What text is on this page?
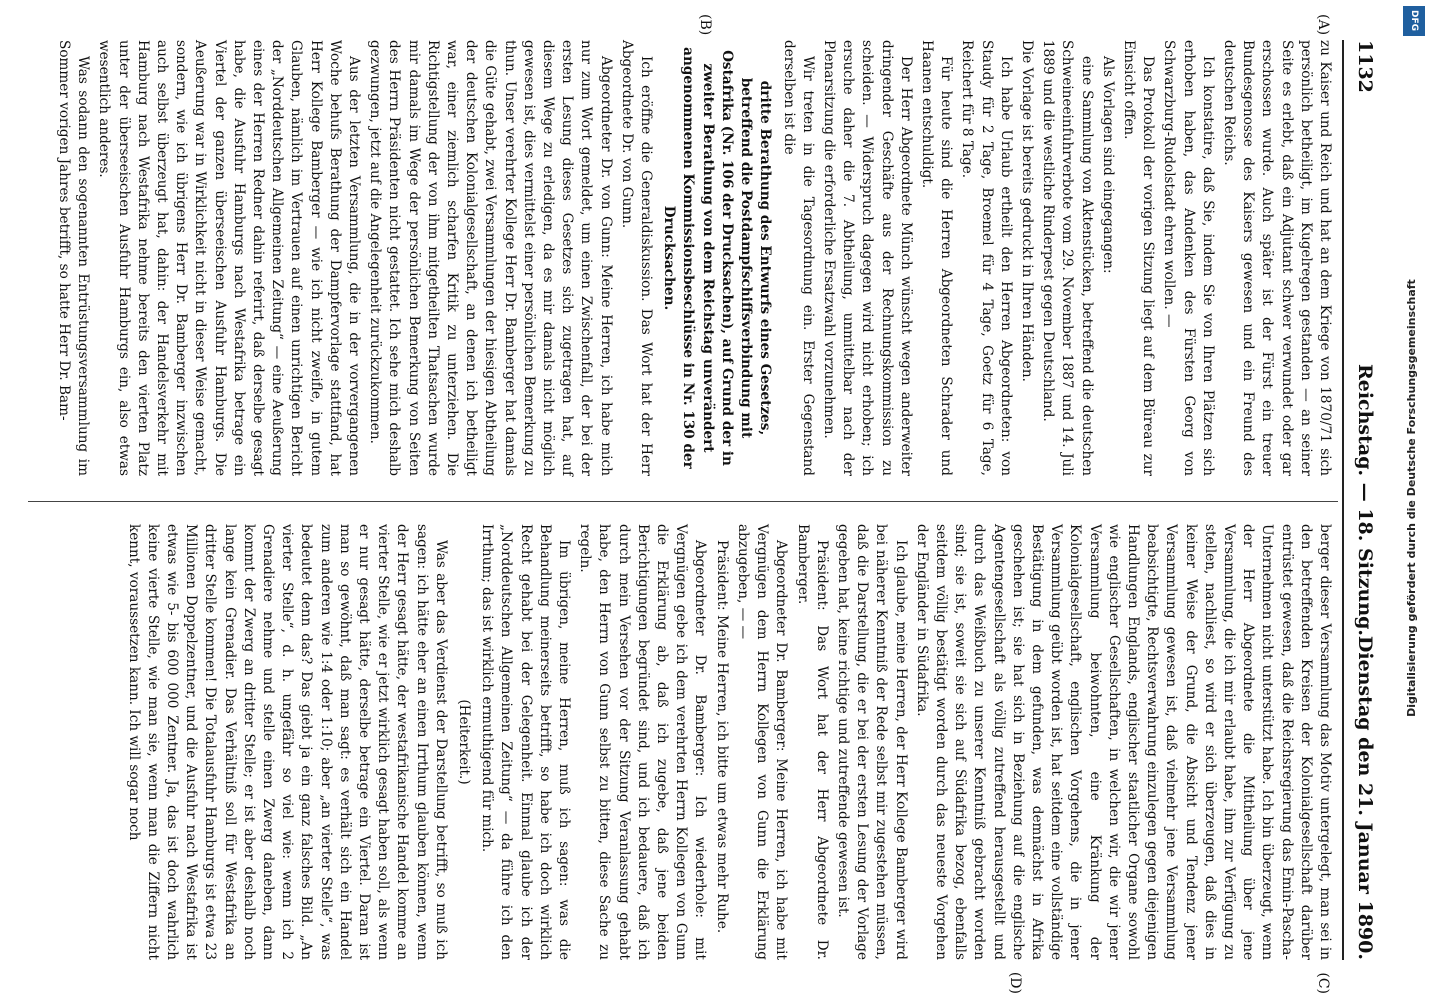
1132
Reichstag. — 18. Sitzung.
Dienstag den 21. Januar 1890.
(A)
(B)

zu Kaiser und Reich und hat an dem Kriege von 1870/71 sich persönlich betheiligt, im Kugelregen gestanden — an seiner Seite es erlebt, daß ein Adjutant schwer verwundet oder gar erschossen wurde. Auch später ist der Fürst ein treuer Bundesgenosse des Kaisers gewesen und ein Freund des deutschen Reichs.

Ich konstatire, daß Sie, indem Sie von Ihren Plätzen sich erhoben haben, das Andenken des Fürsten Georg von Schwarzburg-Rudolstadt ehren wollen. —

Das Protokoll der vorigen Sitzung liegt auf dem Büreau zur Einsicht offen.

Als Vorlagen sind eingegangen:

eine Sammlung von Aktenstücken, betreffend die deutschen Schweineeinfuhrverbote vom 29. November 1887 und 14. Juli 1889 und die westliche Rinderpest gegen Deutschland.

Die Vorlage ist bereits gedruckt in Ihren Händen.

Ich habe Urlaub ertheilt den Herren Abgeordneten: von Staudy für 2 Tage, Broemel für 4 Tage, Goetz für 6 Tage, Reichert für 8 Tage.

Für heute sind die Herren Abgeordneten Schrader und Haanen entschuldigt.

Der Herr Abgeordnete Münch wünscht wegen anderweiter dringender Geschäfte aus der Rechnungskommission zu scheiden. — Widerspruch dagegen wird nicht erhoben; ich ersuche daher die 7. Abtheilung, unmittelbar nach der Plenarsitzung die erforderliche Ersatzwahl vorzunehmen.

Wir treten in die Tagesordnung ein. Erster Gegenstand derselben ist die

dritte Berathung des Entwurfs eines Gesetzes, betreffend die Postdampfschiffsverbindung mit Ostafrika (Nr. 106 der Drucksachen), auf Grund der in zweiter Berathung von dem Reichstag unverändert angenommenen Kommissionsbeschlüsse in Nr. 130 der Drucksachen.

Ich eröffne die Generaldiskussion. Das Wort hat der Herr Abgeordnete Dr. von Gunn.

Abgeordneter Dr. von Gunn: Meine Herren, ich habe mich nur zum Wort gemeldet, um einen Zwischenfall, der bei der ersten Lesung dieses Gesetzes sich zugetragen hat, auf diesem Wege zu erledigen, da es mir damals nicht möglich gewesen ist, dies vermittelst einer persönlichen Bemerkung zu thun. Unser verehrter Kollege Herr Dr. Bamberger hat damals die Güte gehabt, zwei Versammlungen der hiesigen Abtheilung der deutschen Kolonialgesellschaft, an denen ich betheiligt war, einer ziemlich scharfen Kritik zu unterziehen. Die Richtigstellung der von ihm mitgetheilten Thatsachen wurde mir damals im Wege der persönlichen Bemerkung von Seiten des Herrn Präsidenten nicht gestattet. Ich sehe mich deshalb gezwungen, jetzt auf die Angelegenheit zurückzukommen.

Aus der letzten Versammlung, die in der vorvergangenen Woche behufs Berathung der Dampfervorlage stattfand, hat Herr Kollege Bamberger — wie ich nicht zweifle, in gutem Glauben, nämlich im Vertrauen auf einen unrichtigen Bericht der „Norddeutschen Allgemeinen Zeitung“ — eine Aeußerung eines der Herren Redner dahin referirt, daß derselbe gesagt habe, die Ausfuhr Hamburgs nach Westafrika betrage ein Viertel der ganzen überseeischen Ausfuhr Hamburgs. Die Aeußerung war in Wirklichkeit nicht in dieser Weise gemacht, sondern, wie ich übrigens Herr Dr. Bamberger inzwischen auch selbst überzeugt hat, dahin: der Handelsverkehr mit Hamburg nach Westafrika nehme bereits den vierten Platz unter der überseeischen Ausfuhr Hamburgs ein, also etwas wesentlich anderes.

Was sodann den sogenannten Entrüstungsversammlung im Sommer vorigen Jahres betrifft, so hatte Herr Dr. Bam-

(C)
(D)

berger dieser Versammlung das Motiv untergelegt, man sei in den betreffenden Kreisen der Kolonialgesellschaft darüber entrüstet gewesen, daß die Reichsregierung das Emin-Pascha-Unternehmen nicht unterstützt habe. Ich bin überzeugt, wenn der Herr Abgeordnete die Mittheilung über jene Versammlung, die ich mir erlaubt habe, ihm zur Verfügung zu stellen, nachliest, so wird er sich überzeugen, daß dies in keiner Weise der Grund, die Absicht und Tendenz jener Versammlung gewesen ist, daß vielmehr jene Versammlung beabsichtigte, Rechtsverwahrung einzulegen gegen diejenigen Handlungen Englands, englischer staatlicher Organe sowohl wie englischer Gesellschaften, in welchen wir, die wir jener Versammlung beiwohnten, eine Kränkung der Kolonialgesellschaft, englischen Vorgehens, die in jener Versammlung geübt worden ist, hat seitdem eine vollständige Bestätigung in dem gefunden, was demnächst in Afrika geschehen ist; sie hat sich in Beziehung auf die englische Agentengesellschaft als völlig zutreffend herausgestellt und durch das Weißbuch zu unserer Kenntniß gebracht worden sind; sie ist, soweit sie sich auf Südafrika bezog, ebenfalls seitdem völlig bestätigt worden durch das neueste Vorgehen der Engländer in Südafrika.

Ich glaube, meine Herren, der Herr Kollege Bamberger wird bei näherer Kenntniß der Rede selbst mir zugestehen müssen, daß die Darstellung, die er bei der ersten Lesung der Vorlage gegeben hat, keine richtige und zutreffende gewesen ist.

Präsident: Das Wort hat der Herr Abgeordnete Dr. Bamberger.

Abgeordneter Dr. Bamberger: Meine Herren, ich habe mit Vergnügen dem Herrn Kollegen von Gunn die Erklärung abzugeben, — —

Präsident: Meine Herren, ich bitte um etwas mehr Ruhe.

Abgeordneter Dr. Bamberger: Ich wiederhole: mit Vergnügen gebe ich dem verehrten Herrn Kollegen von Gunn die Erklärung ab, daß ich zugebe, daß jene beiden Berichtigungen begründet sind, und ich bedauere, daß ich durch mein Versehen vor der Sitzung Veranlassung gehabt habe, den Herrn von Gunn selbst zu bitten, diese Sache zu regeln.

Im übrigen, meine Herren, muß ich sagen: was die Behandlung meinerseits betrifft, so habe ich doch wirklich Recht gehabt bei der Gelegenheit. Einmal glaube ich der „Norddeutschen Allgemeinen Zeitung“ — da führe ich den Irrthum; das ist wirklich ermuthigend für mich.

(Heiterkeit.)

Was aber das Verdienst der Darstellung betrifft, so muß ich sagen: ich hätte eher an einen Irrthum glauben können, wenn der Herr gesagt hätte, der westafrikanische Handel komme an vierter Stelle, wie er jetzt wirklich gesagt haben soll, als wenn er nur gesagt hätte, derselbe betrage ein Viertel. Daran ist man so gewöhnt, daß man sagt: es verhält sich ein Handel zum anderen wie 1:4 oder 1:10; aber „an vierter Stelle“, was bedeutet denn das? Das giebt ja ein ganz falsches Bild. „An vierter Stelle“, d. h. ungefähr so viel wie: wenn ich 2 Grenadiere nehme und stelle einen Zwerg daneben, dann kommt der Zwerg an dritter Stelle; er ist aber deshalb noch lange kein Grenadier. Das Verhältniß soll für Westafrika an dritter Stelle kommen! Die Totalausfuhr Hamburgs ist etwa 23 Millionen Doppelzentner, und die Ausfuhr nach Westafrika ist etwas wie 5- bis 600 000 Zentner. Ja, das ist doch wahrlich keine vierte Stelle, wie man sie, wenn man die Ziffern nicht kennt, voraussetzen kann. Ich will sogar noch

DFG
Digitalisierung gefördert durch die Deutsche Forschungsgemeinschaft
